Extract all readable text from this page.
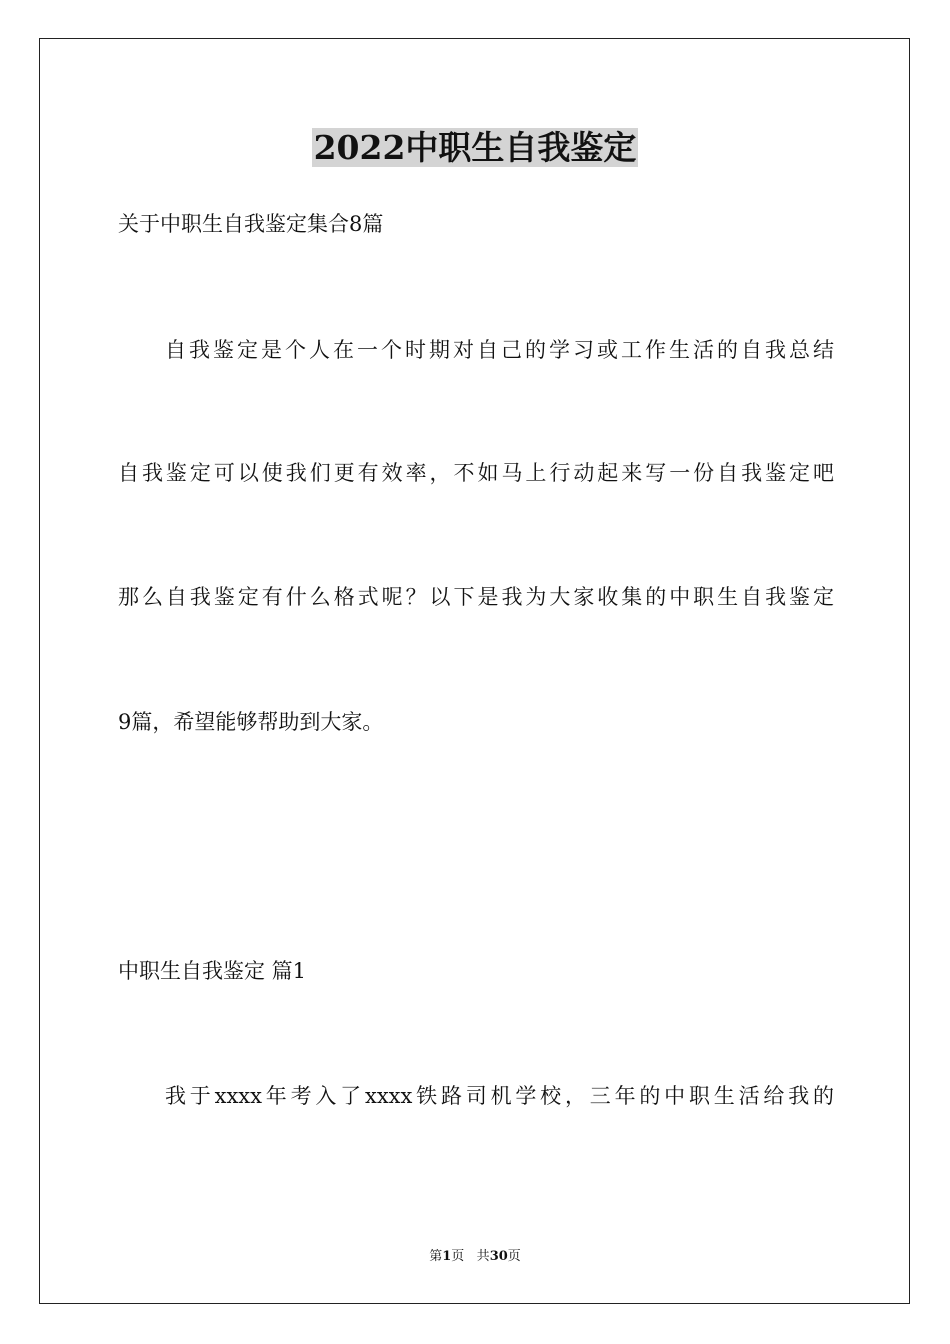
2022中职生自我鉴定
关于中职生自我鉴定集合8篇
自我鉴定是个人在一个时期对自己的学习或工作生活的自我总结
自我鉴定可以使我们更有效率，不如马上行动起来写一份自我鉴定吧
那么自我鉴定有什么格式呢？以下是我为大家收集的中职生自我鉴定
9篇，希望能够帮助到大家。
中职生自我鉴定 篇1
我于xxxx年考入了xxxx铁路司机学校，三年的中职生活给我的
第1页 共30页
